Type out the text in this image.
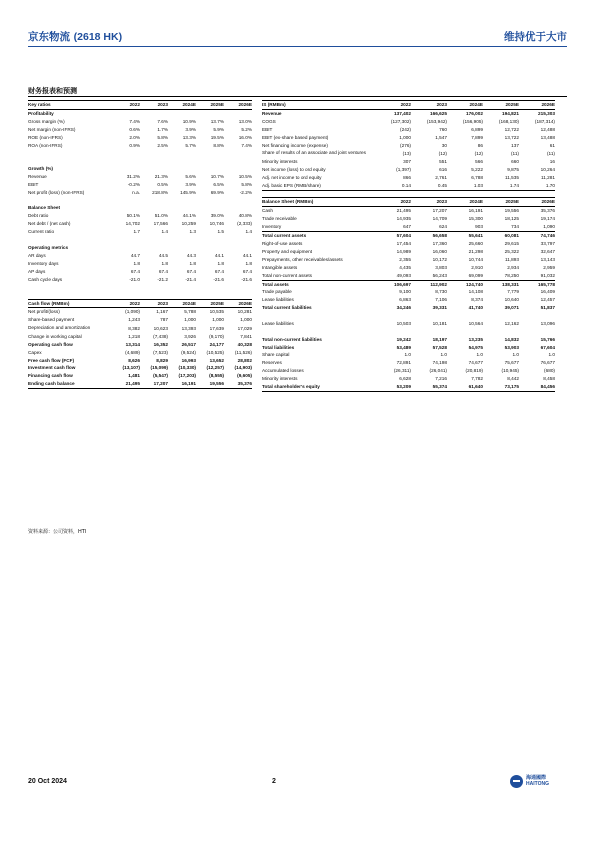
京东物流 (2618 HK)	维持优于大市
财务报表和预测
Key ratios	2022	2023	2024E	2025E	2026E
Profitability					
Gross margin (%)	7.4%	7.6%	10.9%	13.7%	13.0%
Net margin (non-IFRS)	0.6%	1.7%	3.9%	5.9%	5.2%
ROE (non-IFRS)	2.0%	5.8%	13.3%	19.5%	16.0%
ROA (non-IFRS)	0.9%	2.5%	5.7%	8.8%	7.4%

Growth (%)					
Revenue	31.2%	21.3%	5.6%	10.7%	10.5%
EBIT	-0.2%	0.5%	3.9%	6.5%	5.8%
Net profit (loss) (non-IFRS)	n.a.	218.8%	145.9%	69.9%	-2.2%

Balance Sheet					
Debt ratio	50.1%	51.0%	44.1%	39.0%	40.8%
Net debt / (net cash)	14,702	17,566	10,259	10,746	(2,333)
Current ratio	1.7	1.4	1.3	1.5	1.4

Operating metrics					
AR days	44.7	44.5	44.3	44.1	44.1
Inventory days	1.8	1.8	1.8	1.8	1.8
AP days	67.4	67.4	67.4	67.4	67.4
Cash cycle days	-21.0	-21.2	-21.4	-21.6	-21.6

Cash flow (RMBm)	2022	2023	2024E	2025E	2026E
Net profit/(loss)	(1,090)	1,167	5,788	10,535	10,281
Share-based payment	1,243	787	1,000	1,000	1,000
Depreciation and amortization	8,382	10,623	13,393	17,639	17,029
Change in working capital	1,218	(7,438)	3,926	(9,170)	7,841
Operating cash flow	13,314	16,352	26,517	24,177	40,328
Capex	(4,689)	(7,523)	(9,524)	(10,525)	(11,526)
Free cash flow (FCF)	8,626	8,829	16,993	13,652	28,802
Investment cash flow	(13,107)	(15,099)	(10,330)	(12,257)	(14,903)
Financing cash flow	1,481	(5,547)	(17,203)	(8,555)	(9,605)
Ending cash balance	21,495	17,207	16,191	19,556	35,376
IS (RMBm)	2022	2023	2024E	2025E	2026E
Revenue	137,402	166,625	176,002	194,821	215,303
COGS	(127,302)	(153,942)	(156,905)	(168,130)	(187,314)
EBIT	(242)	760	6,899	12,722	12,488
EBIT (ex-share based payment)	1,000	1,547	7,899	13,722	13,488
Net financing income (expense)	(276)	30	86	137	61
Share of results of an associate and joint ventures	(13)	(12)	(12)	(11)	(11)
Minority interests	307	551	566	660	16
Net income (loss) to ord equity	(1,397)	616	5,222	9,875	10,264
Adj. net income to ord equity	866	2,761	6,788	11,535	11,281
Adj. basic EPS (RMB/share)	0.14	0.45	1.03	1.74	1.70

Balance Sheet (RMBm)	2022	2023	2024E	2025E	2026E
Cash	21,495	17,207	16,191	19,556	35,376
Trade receivable	14,935	14,709	15,300	18,125	19,174
Inventory	647	624	903	734	1,090
Total current assets	57,604	56,658	55,641	60,081	74,746
Right-of-use assets	17,454	17,360	25,660	29,615	33,797
Property and equipment	14,989	16,060	21,298	25,322	32,647
Prepayments, other receivables/assets	2,355	10,172	10,744	11,893	13,143
Intangible assets	4,435	3,803	2,910	2,934	2,959
Total non-current assets	49,093	56,243	69,099	78,250	91,032
Total assets	106,697	112,902	124,740	138,331	165,778
Trade payable	9,100	8,730	14,108	7,779	16,409
Lease liabilities	6,863	7,106	8,374	10,640	12,457
Total current liabilities	34,246	39,331	41,740	39,071	51,837

Lease liabilities	10,503	10,181	10,564	12,162	13,096

Total non-current liabilities	19,242	18,197	13,235	14,832	15,766
Total liabilities	53,489	57,528	54,975	53,903	67,604
Share capital	1.0	1.0	1.0	1.0	1.0
Reserves	72,891	74,198	74,677	75,677	76,677
Accumulated losses	(26,311)	(26,041)	(20,819)	(10,945)	(680)
Minority interests	6,628	7,216	7,782	8,442	8,458
Total shareholder's equity	53,209	55,374	61,640	73,175	84,456
资料来源：公司资料，HTI
20 Oct 2024	2	海通國際
HAITONG
